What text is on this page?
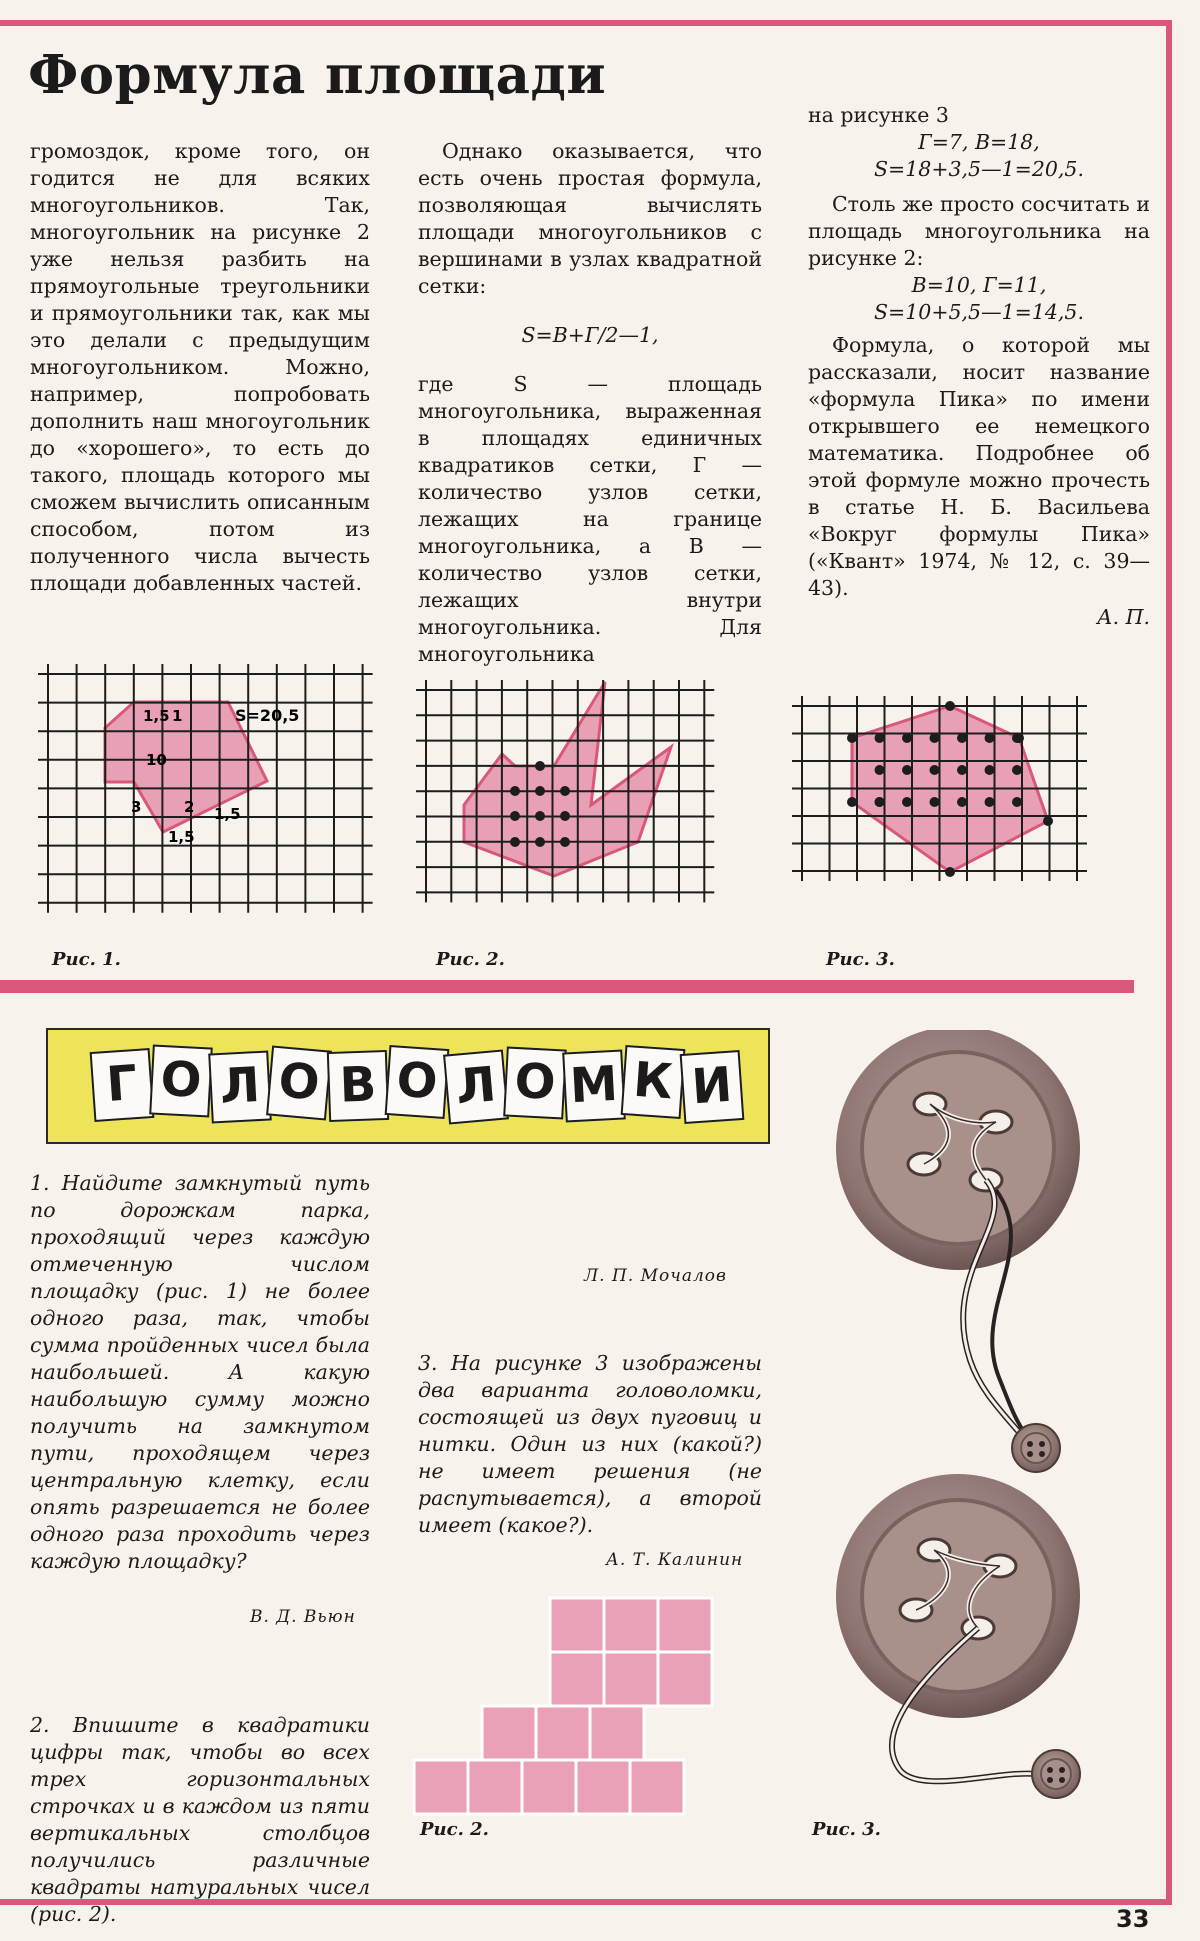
Формула площади

громоздок, кроме того, он годится не для всяких многоугольников. Так, многоугольник на рисунке 2 уже нельзя разбить на прямоугольные треугольники и прямоугольники так, как мы это делали с предыдущим многоугольником. Можно, например, попробовать дополнить наш многоугольник до «хорошего», то есть до такого, площадь которого мы сможем вычислить описанным способом, потом из полученного числа вычесть площади добавленных частей.

Однако оказывается, что есть очень простая формула, позволяющая вычислять площади многоугольников с вершинами в узлах квадратной сетки:

S=В+Г/2—1,

где S — площадь многоугольника, выраженная в площадях единичных квадратиков сетки, Г — количество узлов сетки, лежащих на границе многоугольника, а В — количество узлов сетки, лежащих внутри многоугольника. Для многоугольника

на рисунке 3

Г=7, В=18,

S=18+3,5—1=20,5.

Столь же просто сосчитать и площадь многоугольника на рисунке 2:

В=10, Г=11,

S=10+5,5—1=14,5.

Формула, о которой мы рассказали, носит название «формула Пика» по имени открывшего ее немецкого математика. Подробнее об этой формуле можно прочесть в статье Н. Б. Васильева «Вокруг формулы Пика» («Квант» 1974, № 12, с. 39—43).

А. П.

1,5 1	S=20,5
10
3	2 1,5
1,5
Рис. 1.	Рис. 2.	Рис. 3.
Г О Л О В О Л О М К И

1. Найдите замкнутый путь по дорожкам парка, проходящий через каждую отмеченную числом площадку (рис. 1) не более одного раза, так, чтобы сумма пройденных чисел была наибольшей. А какую наибольшую сумму можно получить на замкнутом пути, проходящем через центральную клетку, если опять разрешается не более одного раза проходить через каждую площадку?

В. Д. Вьюн

2. Впишите в квадратики цифры так, чтобы во всех трех горизонтальных строчках и в каждом из пяти вертикальных столбцов получились различные квадраты натуральных чисел (рис. 2).

Л. П. Мочалов

3. На рисунке 3 изображены два варианта головоломки, состоящей из двух пуговиц и нитки. Один из них (какой?) не имеет решения (не распутывается), а второй имеет (какое?).

А. Т. Калинин
Рис. 2.	Рис. 3.
33
